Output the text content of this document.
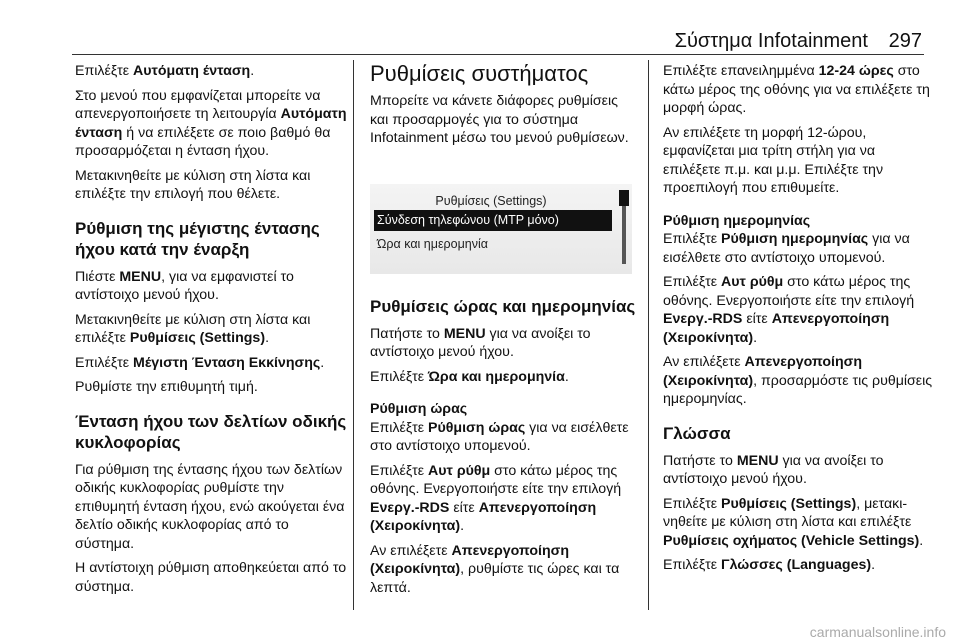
Σύστημα Infotainment 297

Επιλέξτε Αυτόματη ένταση.

Στο μενού που εμφανίζεται μπορείτε να απενεργοποιήσετε τη λειτουργία Αυτόματη ένταση ή να επιλέξετε σε ποιο βαθμό θα προσαρμόζεται η ένταση ήχου.

Μετακινηθείτε με κύλιση στη λίστα και επιλέξτε την επιλογή που θέλετε.

Ρύθμιση της μέγιστης έντασης ήχου κατά την έναρξη

Πιέστε MENU, για να εμφανιστεί το αντίστοιχο μενού ήχου.

Μετακινηθείτε με κύλιση στη λίστα και επιλέξτε Ρυθμίσεις (Settings).

Επιλέξτε Μέγιστη Ένταση Εκκίνησης.

Ρυθμίστε την επιθυμητή τιμή.

Ένταση ήχου των δελτίων οδικής κυκλοφορίας

Για ρύθμιση της έντασης ήχου των δελτίων οδικής κυκλοφορίας ρυθμίστε την επιθυμητή ένταση ήχου, ενώ ακούγεται ένα δελτίο οδικής κυκλοφορίας από το σύστημα.

Η αντίστοιχη ρύθμιση αποθηκεύεται από το σύστημα.

Ρυθμίσεις συστήματος

Μπορείτε να κάνετε διάφορες ρυθμίσεις και προσαρμογές για το σύστημα Infotainment μέσω του μενού ρυθμίσεων.

Ρυθμίσεις (Settings)
Σύνδεση τηλεφώνου (MTP μόνο)
Ώρα και ημερομηνία
Ρυθμίσεις ώρας και ημερομηνίας

Πατήστε το MENU για να ανοίξει το αντίστοιχο μενού ήχου.

Επιλέξτε Ώρα και ημερομηνία.

Ρύθμιση ώρας

Επιλέξτε Ρύθμιση ώρας για να εισέλθετε στο αντίστοιχο υπομενού.

Επιλέξτε Αυτ ρύθμ στο κάτω μέρος της οθόνης. Ενεργοποιήστε είτε την επιλογή Ενεργ.-RDS είτε Απενεργοποίηση (Χειροκίνητα).

Αν επιλέξετε Απενεργοποίηση (Χειροκίνητα), ρυθμίστε τις ώρες και τα λεπτά.

Επιλέξτε επανειλημμένα 12-24 ώρες στο κάτω μέρος της οθόνης για να επιλέξετε τη μορφή ώρας.

Αν επιλέξετε τη μορφή 12-ώρου, εμφανίζεται μια τρίτη στήλη για να επιλέξετε π.μ. και μ.μ. Επιλέξτε την προεπιλογή που επιθυμείτε.

Ρύθμιση ημερομηνίας

Επιλέξτε Ρύθμιση ημερομηνίας για να εισέλθετε στο αντίστοιχο υπομενού.

Επιλέξτε Αυτ ρύθμ στο κάτω μέρος της οθόνης. Ενεργοποιήστε είτε την επιλογή Ενεργ.-RDS είτε Απενεργοποίηση (Χειροκίνητα).

Αν επιλέξετε Απενεργοποίηση (Χειροκίνητα), προσαρμόστε τις ρυθμίσεις ημερομηνίας.

Γλώσσα

Πατήστε το MENU για να ανοίξει το αντίστοιχο μενού ήχου.

Επιλέξτε Ρυθμίσεις (Settings), μετακινηθείτε με κύλιση στη λίστα και επιλέξτε Ρυθμίσεις οχήματος (Vehicle Settings).

Επιλέξτε Γλώσσες (Languages).

carmanualsonline.info
